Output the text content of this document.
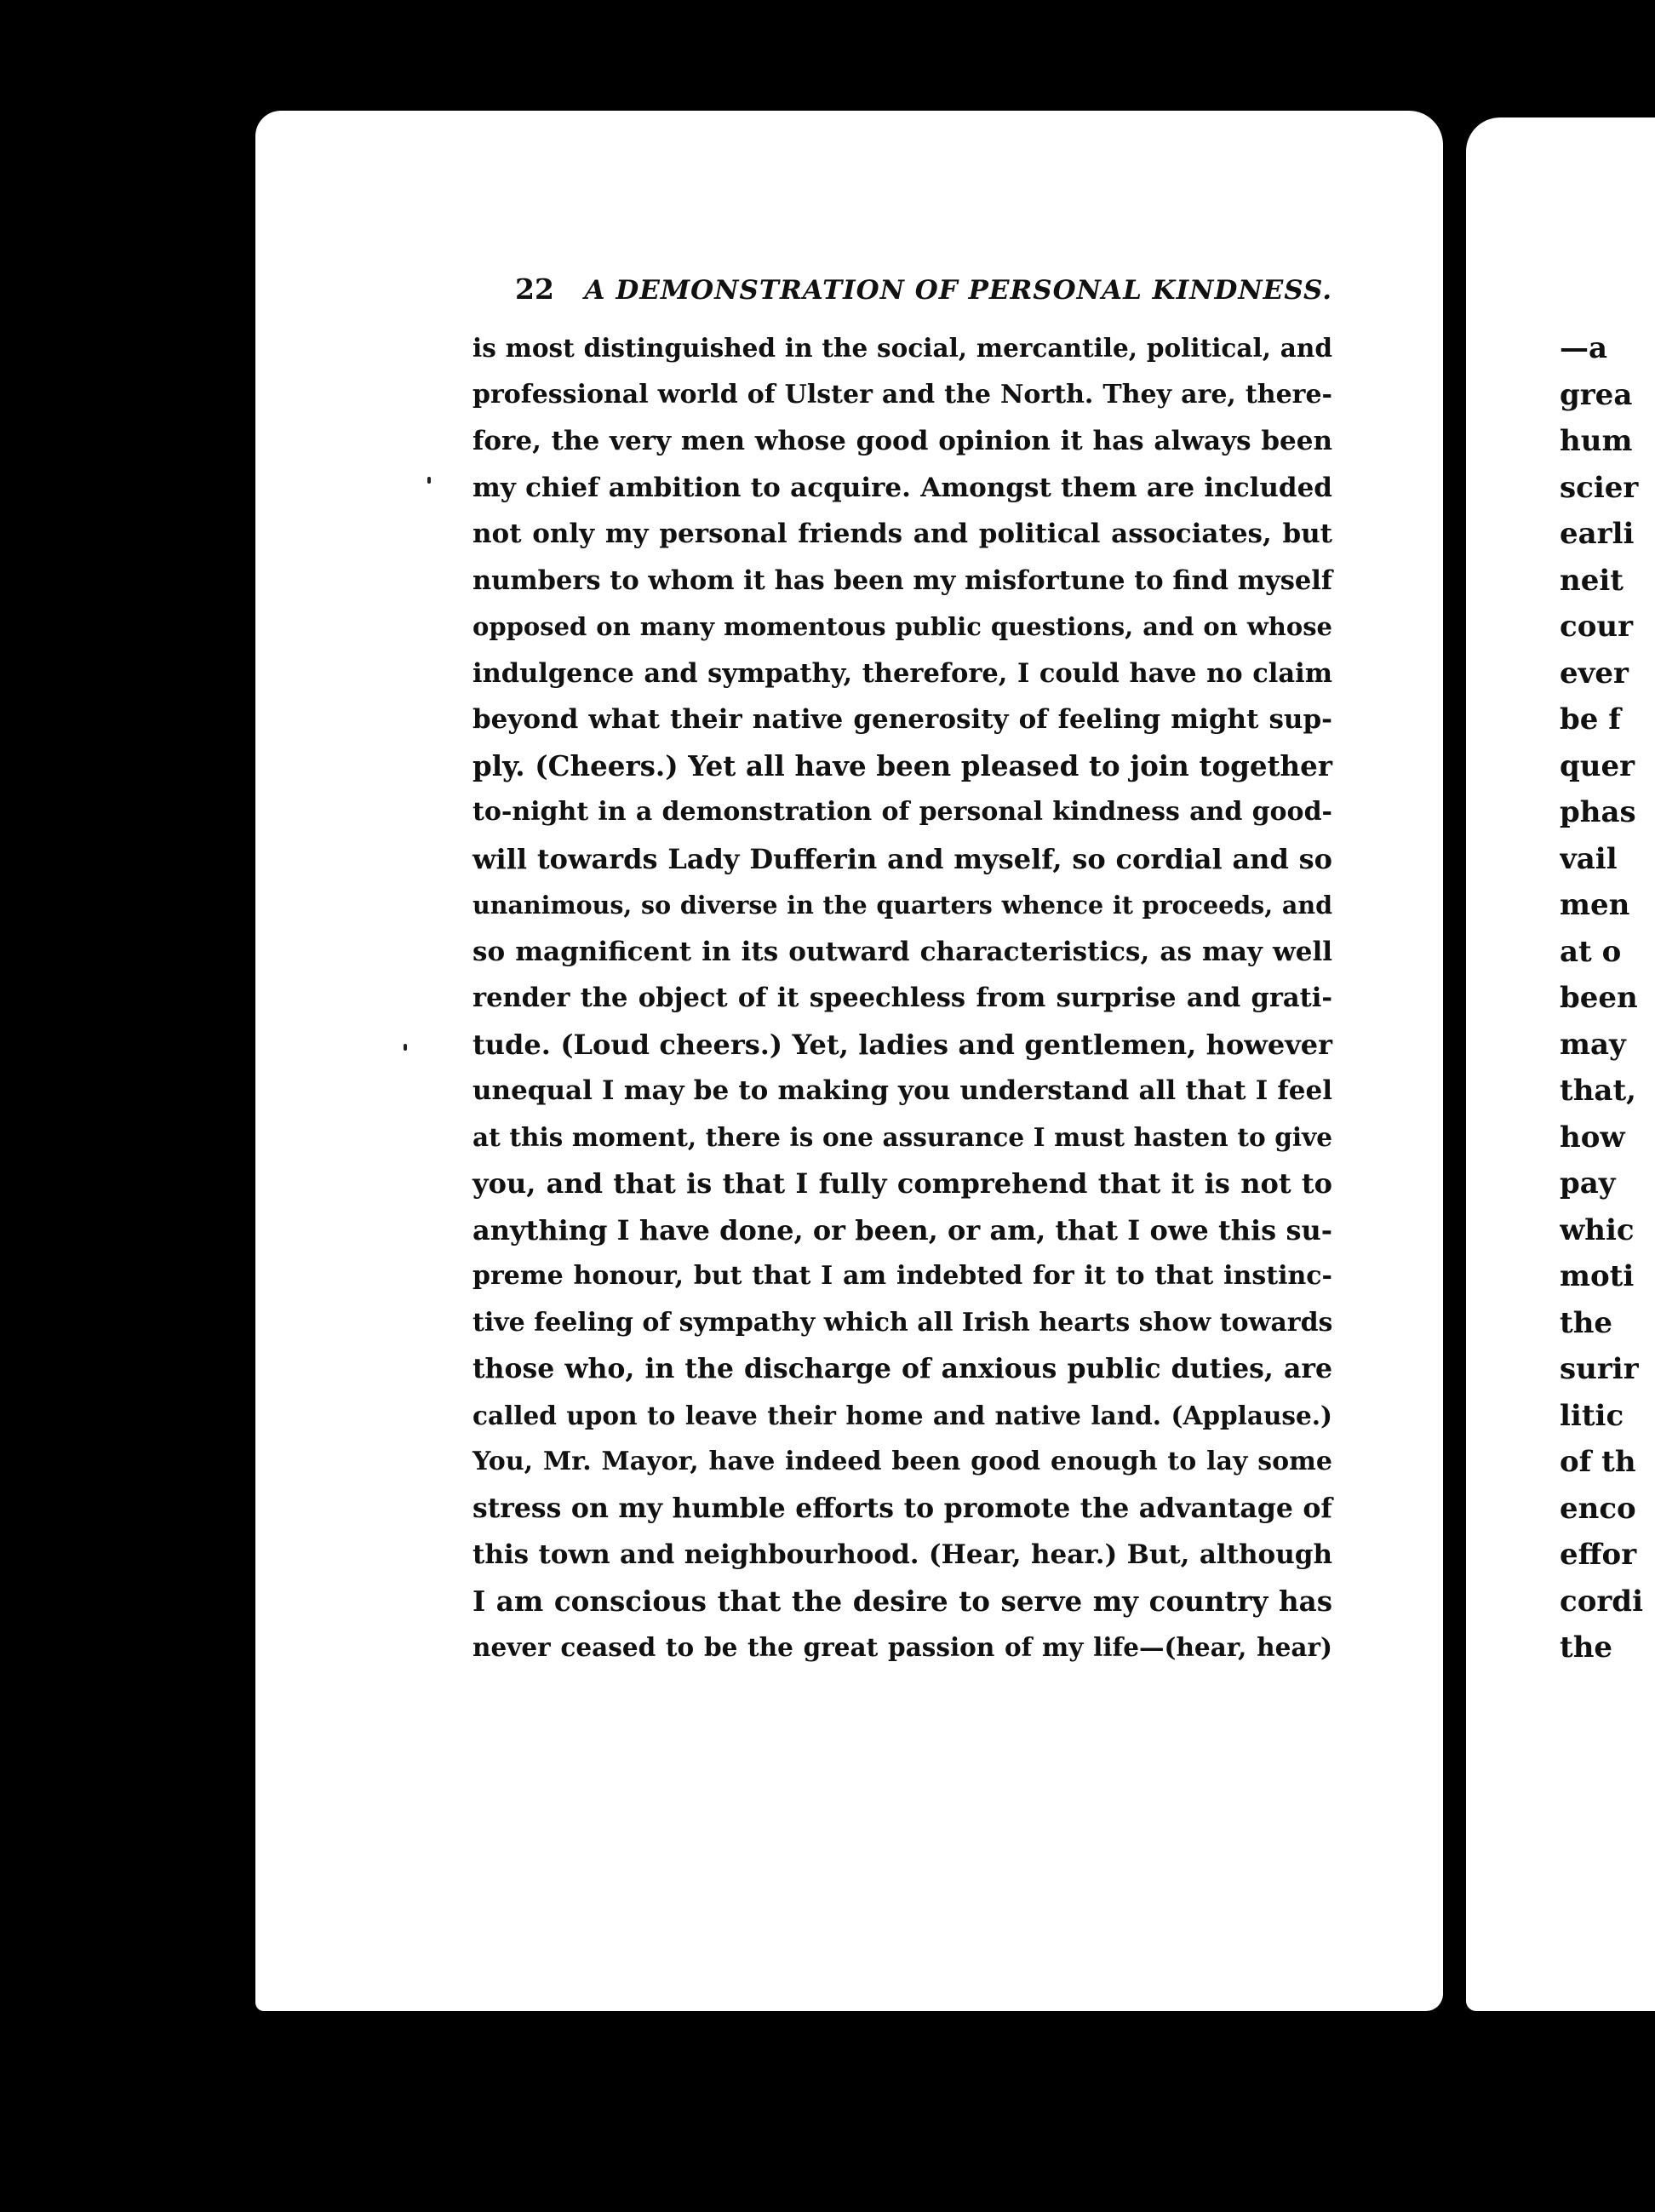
22 A DEMONSTRATION OF PERSONAL KINDNESS.
is most distinguished in the social, mercantile, political, and
professional world of Ulster and the North. They are, there-
fore, the very men whose good opinion it has always been
my chief ambition to acquire. Amongst them are included
not only my personal friends and political associates, but
numbers to whom it has been my misfortune to find myself
opposed on many momentous public questions, and on whose
indulgence and sympathy, therefore, I could have no claim
beyond what their native generosity of feeling might sup-
ply. (Cheers.) Yet all have been pleased to join together
to-night in a demonstration of personal kindness and good-
will towards Lady Dufferin and myself, so cordial and so
unanimous, so diverse in the quarters whence it proceeds, and
so magnificent in its outward characteristics, as may well
render the object of it speechless from surprise and grati-
tude. (Loud cheers.) Yet, ladies and gentlemen, however
unequal I may be to making you understand all that I feel
at this moment, there is one assurance I must hasten to give
you, and that is that I fully comprehend that it is not to
anything I have done, or been, or am, that I owe this su-
preme honour, but that I am indebted for it to that instinc-
tive feeling of sympathy which all Irish hearts show towards
those who, in the discharge of anxious public duties, are
called upon to leave their home and native land. (Applause.)
You, Mr. Mayor, have indeed been good enough to lay some
stress on my humble efforts to promote the advantage of
this town and neighbourhood. (Hear, hear.) But, although
I am conscious that the desire to serve my country has
never ceased to be the great passion of my life—(hear, hear)
—a
grea
hum
scier
earli
neit
cour
ever
be f
quer
phas
vail
men
at o
been
may
that,
how
pay
whic
moti
the
surir
litic
of th
enco
effor
cordi
the
